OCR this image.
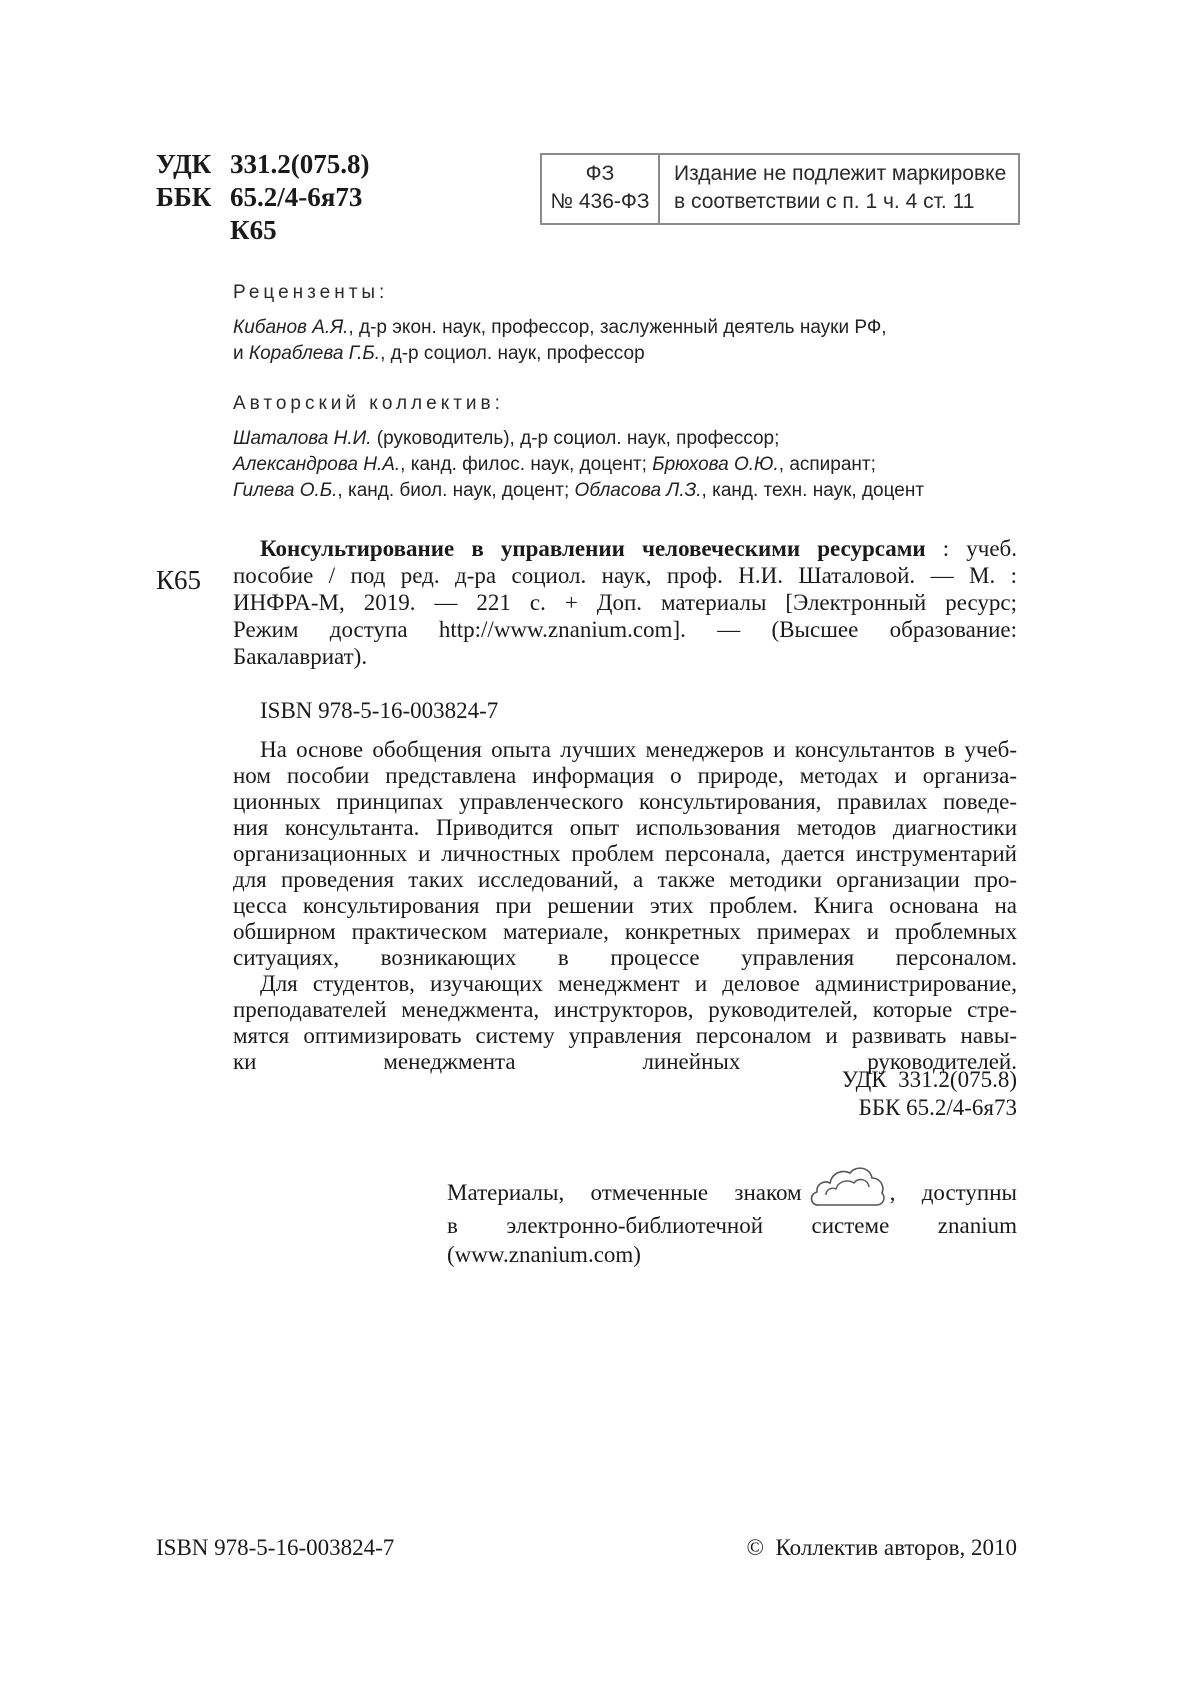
УДК 331.2(075.8)
ББК 65.2/4-6я73
К65
ФЗ
№ 436-ФЗ
Издание не подлежит маркировке
в соответствии с п. 1 ч. 4 ст. 11
Рецензенты:
Кибанов А.Я., д-р экон. наук, профессор, заслуженный деятель науки РФ,
и Кораблева Г.Б., д-р социол. наук, профессор
Авторский коллектив:
Шаталова Н.И. (руководитель), д-р социол. наук, профессор;
Александрова Н.А., канд. филос. наук, доцент; Брюхова О.Ю., аспирант;
Гилева О.Б., канд. биол. наук, доцент; Обласова Л.З., канд. техн. наук, доцент
К65
Консультирование в управлении человеческими ресурсами : учеб.
пособие / под ред. д-ра социол. наук, проф. Н.И. Шаталовой. — М. :
ИНФРА-М, 2019. — 221 с. + Доп. материалы [Электронный ресурс;
Режим доступа http://www.znanium.com]. — (Высшее образование:
Бакалавриат).
ISBN 978-5-16-003824-7
На основе обобщения опыта лучших менеджеров и консультантов в учеб-
ном пособии представлена информация о природе, методах и организа-
ционных принципах управленческого консультирования, правилах поведе-
ния консультанта. Приводится опыт использования методов диагностики
организационных и личностных проблем персонала, дается инструментарий
для проведения таких исследований, а также методики организации про-
цесса консультирования при решении этих проблем. Книга основана на
обширном практическом материале, конкретных примерах и проблемных
ситуациях, возникающих в процессе управления персоналом.
Для студентов, изучающих менеджмент и деловое администрирование,
преподавателей менеджмента, инструкторов, руководителей, которые стре-
мятся оптимизировать систему управления персоналом и развивать навы-
ки менеджмента линейных руководителей.
УДК  331.2(075.8)
ББК 65.2/4-6я73
Материалы, отмеченные знаком	, доступны
в электронно-библиотечной системе znanium
(www.znanium.com)
ISBN 978-5-16-003824-7	©  Коллектив авторов, 2010
